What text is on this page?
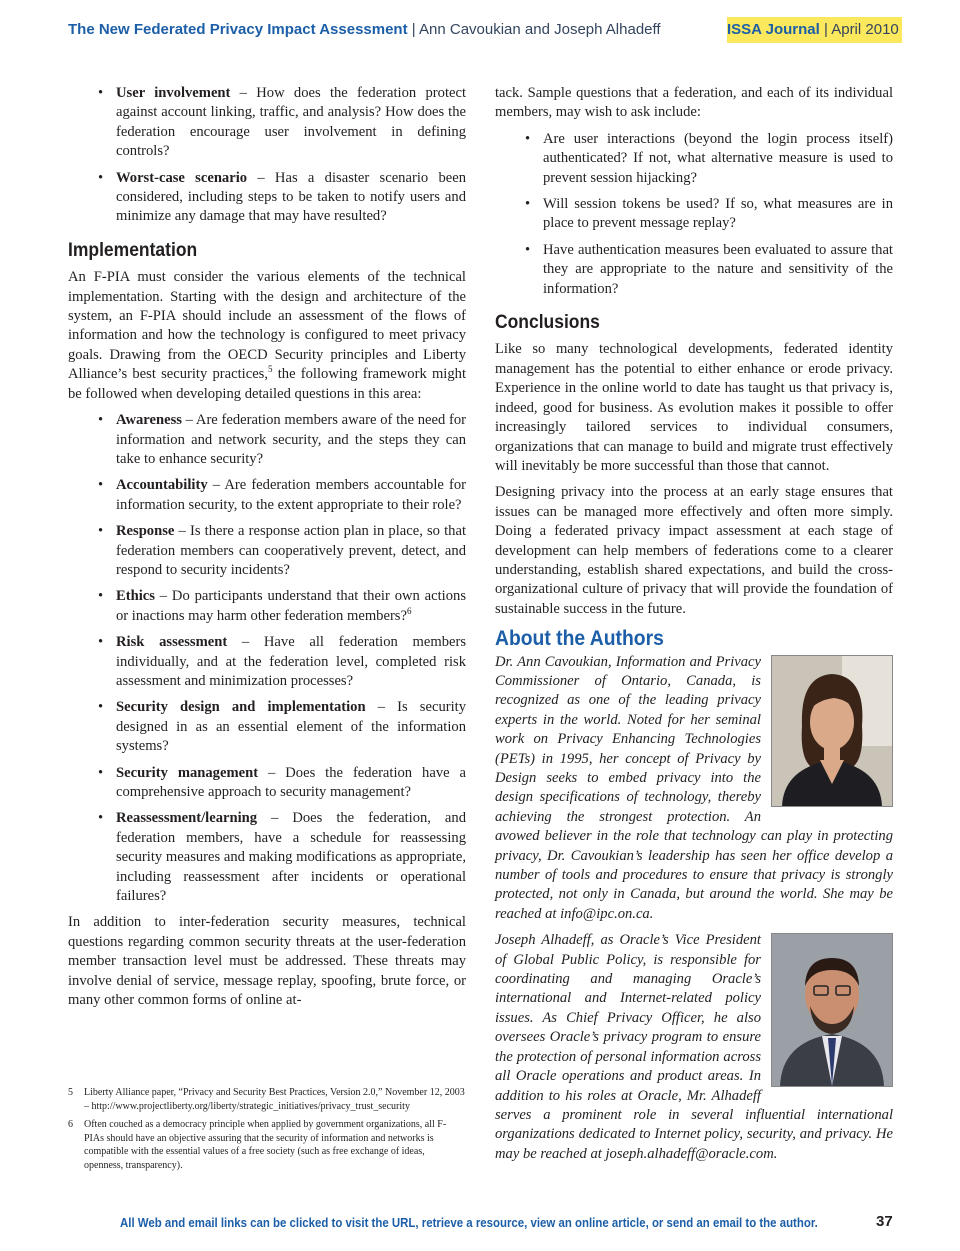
The New Federated Privacy Impact Assessment | Ann Cavoukian and Joseph Alhadeff	ISSA Journal | April 2010
• User involvement – How does the federation protect against account linking, traffic, and analysis? How does the federation encourage user involvement in defining controls?
• Worst-case scenario – Has a disaster scenario been considered, including steps to be taken to notify users and minimize any damage that may have resulted?
Implementation

An F-PIA must consider the various elements of the technical implementation. Starting with the design and architecture of the system, an F-PIA should include an assessment of the flows of information and how the technology is configured to meet privacy goals. Drawing from the OECD Security principles and Liberty Alliance’s best security practices,$^5$ the following framework might be followed when developing detailed questions in this area:

• Awareness – Are federation members aware of the need for information and network security, and the steps they can take to enhance security?
• Accountability – Are federation members accountable for information security, to the extent appropriate to their role?
• Response – Is there a response action plan in place, so that federation members can cooperatively prevent, detect, and respond to security incidents?
• Ethics – Do participants understand that their own actions or inactions may harm other federation members?$^6$
• Risk assessment – Have all federation members individually, and at the federation level, completed risk assessment and minimization processes?
• Security design and implementation – Is security designed in as an essential element of the information systems?
• Security management – Does the federation have a comprehensive approach to security management?
• Reassessment/learning – Does the federation, and federation members, have a schedule for reassessing security measures and making modifications as appropriate, including reassessment after incidents or operational failures?

In addition to inter-federation security measures, technical questions regarding common security threats at the user-federation member transaction level must be addressed. These threats may involve denial of service, message replay, spoofing, brute force, or many other common forms of online at-

tack. Sample questions that a federation, and each of its individual members, may wish to ask include:

• Are user interactions (beyond the login process itself) authenticated? If not, what alternative measure is used to prevent session hijacking?
• Will session tokens be used? If so, what measures are in place to prevent message replay?
• Have authentication measures been evaluated to assure that they are appropriate to the nature and sensitivity of the information?
Conclusions

Like so many technological developments, federated identity management has the potential to either enhance or erode privacy. Experience in the online world to date has taught us that privacy is, indeed, good for business. As evolution makes it possible to offer increasingly tailored services to individual consumers, organizations that can manage to build and migrate trust effectively will inevitably be more successful than those that cannot.

Designing privacy into the process at an early stage ensures that issues can be managed more effectively and often more simply. Doing a federated privacy impact assessment at each stage of development can help members of federations come to a clearer understanding, establish shared expectations, and build the cross-organizational culture of privacy that will provide the foundation of sustainable success in the future.

About the Authors

Dr. Ann Cavoukian, Information and Privacy Commissioner of Ontario, Canada, is recognized as one of the leading privacy experts in the world. Noted for her seminal work on Privacy Enhancing Technologies (PETs) in 1995, her concept of Privacy by Design seeks to embed privacy into the design specifications of technology, thereby achieving the strongest protection. An avowed believer in the role that technology can play in protecting privacy, Dr. Cavoukian’s leadership has seen her office develop a number of tools and procedures to ensure that privacy is strongly protected, not only in Canada, but around the world. She may be reached at info@ipc.on.ca.

Joseph Alhadeff, as Oracle’s Vice President of Global Public Policy, is responsible for coordinating and managing Oracle’s international and Internet-related policy issues. As Chief Privacy Officer, he also oversees Oracle’s privacy program to ensure the protection of personal information across all Oracle operations and product areas. In addition to his roles at Oracle, Mr. Alhadeff serves a prominent role in several influential international organizations dedicated to Internet policy, security, and privacy. He may be reached at joseph.alhadeff@oracle.com.

5 Liberty Alliance paper, “Privacy and Security Best Practices, Version 2.0,” November 12, 2003 – http://www.projectliberty.org/liberty/strategic_initiatives/privacy_trust_security
6 Often couched as a democracy principle when applied by government organizations, all F-PIAs should have an objective assuring that the security of information and networks is compatible with the essential values of a free society (such as free exchange of ideas, openness, transparency).
All Web and email links can be clicked to visit the URL, retrieve a resource, view an online article, or send an email to the author.	37
